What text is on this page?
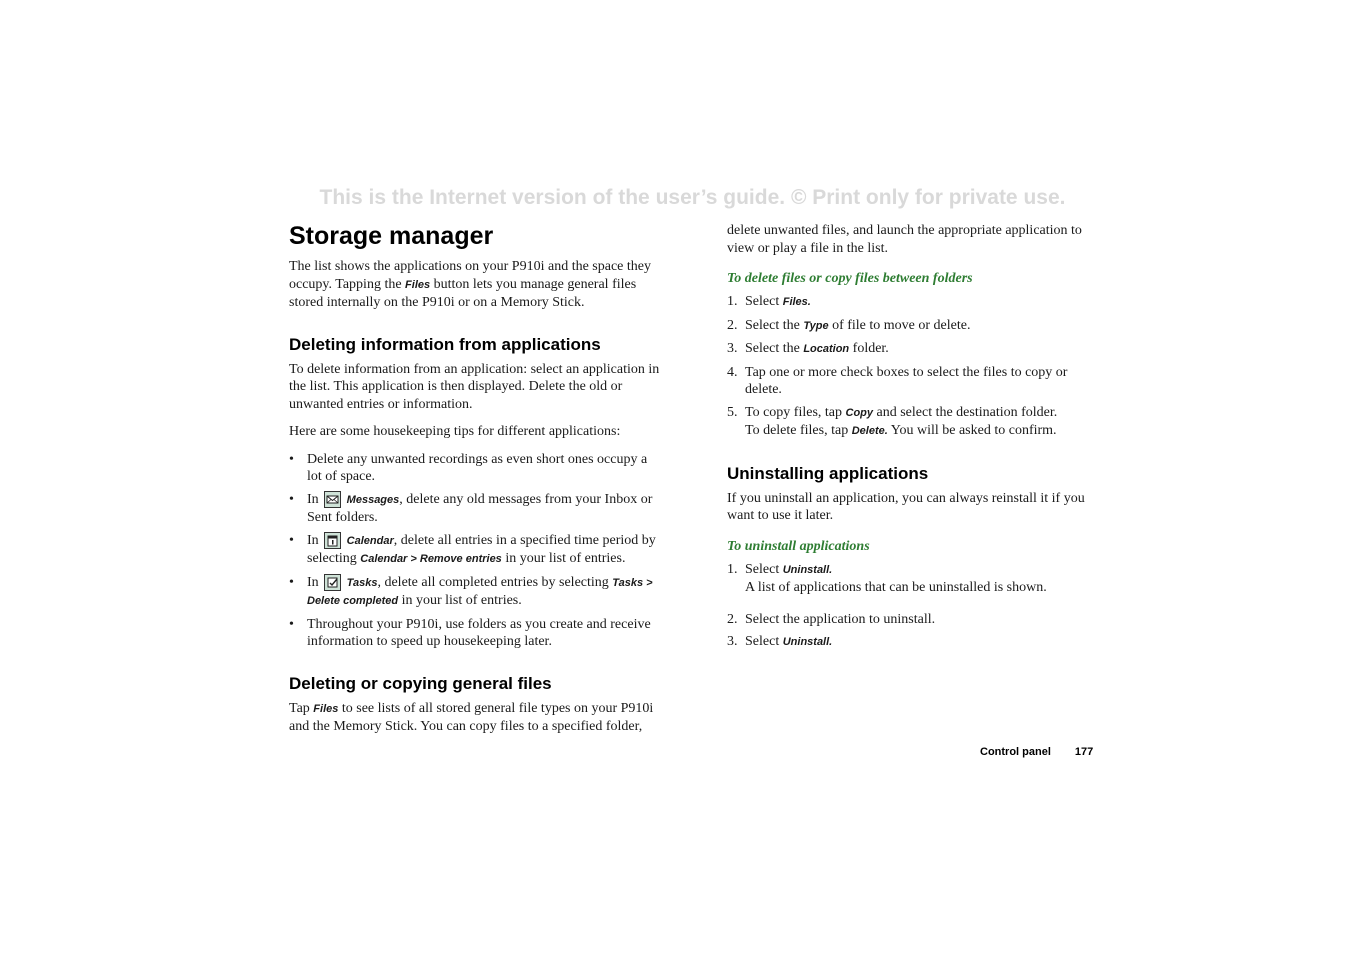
This is the Internet version of the user’s guide. © Print only for private use.
Storage manager

The list shows the applications on your P910i and the space they occupy. Tapping the Files button lets you manage general files stored internally on the P910i or on a Memory Stick.

Deleting information from applications

To delete information from an application: select an application in the list. This application is then displayed. Delete the old or unwanted entries or information.

Here are some housekeeping tips for different applications:

• Delete any unwanted recordings as even short ones occupy a lot of space.
• In
Messages, delete any old messages from your Inbox or Sent folders.
• In
Calendar, delete all entries in a specified time period by selecting Calendar > Remove entries in your list of entries.
• In
Tasks, delete all completed entries by selecting Tasks > Delete completed in your list of entries.
• Throughout your P910i, use folders as you create and receive information to speed up housekeeping later.
Deleting or copying general files

Tap Files to see lists of all stored general file types on your P910i and the Memory Stick. You can copy files to a specified folder,

delete unwanted files, and launch the appropriate application to view or play a file in the list.

To delete files or copy files between folders
1. Select Files.
2. Select the Type of file to move or delete.
3. Select the Location folder.
4. Tap one or more check boxes to select the files to copy or delete.
5. To copy files, tap Copy and select the destination folder.
To delete files, tap Delete. You will be asked to confirm.
Uninstalling applications

If you uninstall an application, you can always reinstall it if you want to use it later.

To uninstall applications
1. Select Uninstall.
A list of applications that can be uninstalled is shown.
2. Select the application to uninstall.
3. Select Uninstall.
Control panel 177
